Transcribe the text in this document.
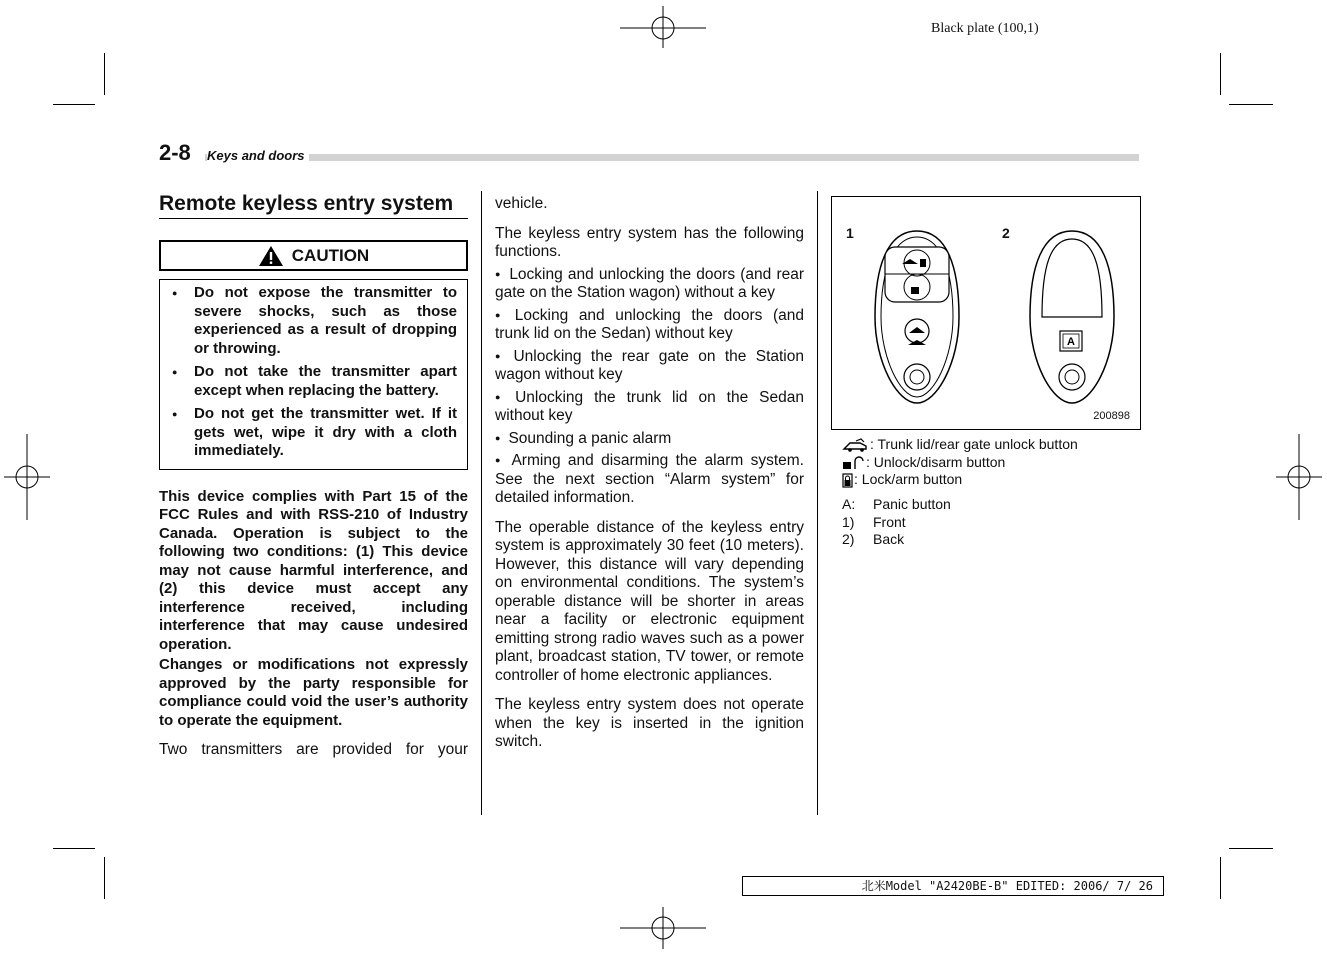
Black plate (100,1)
2-8 Keys and doors
Remote keyless entry system
CAUTION
● Do not expose the transmitter to severe shocks, such as those experienced as a result of dropping or throwing.
● Do not take the transmitter apart except when replacing the battery.
● Do not get the transmitter wet. If it gets wet, wipe it dry with a cloth immediately.

This device complies with Part 15 of the FCC Rules and with RSS-210 of Industry Canada. Operation is subject to the following two conditions: (1) This device may not cause harmful interference, and (2) this device must accept any interference received, including interference that may cause undesired operation.

Changes or modifications not expressly approved by the party responsible for compliance could void the user’s authority to operate the equipment.

Two transmitters are provided for your

vehicle.

The keyless entry system has the following functions.

● Locking and unlocking the doors (and rear gate on the Station wagon) without a key

● Locking and unlocking the doors (and trunk lid on the Sedan) without key

● Unlocking the rear gate on the Station wagon without key

● Unlocking the trunk lid on the Sedan without key

● Sounding a panic alarm

● Arming and disarming the alarm system. See the next section “Alarm system” for detailed information.

The operable distance of the keyless entry system is approximately 30 feet (10 meters). However, this distance will vary depending on environmental conditions. The system’s operable distance will be shorter in areas near a facility or electronic equipment emitting strong radio waves such as a power plant, broadcast station, TV tower, or remote controller of home electronic appliances.

The keyless entry system does not operate when the key is inserted in the ignition switch.

1	2
A
200898
: Trunk lid/rear gate unlock button
: Unlock/disarm button
: Lock/arm button
A: Panic button
1) Front
2) Back
北米Model "A2420BE-B" EDITED: 2006/ 7/ 26
